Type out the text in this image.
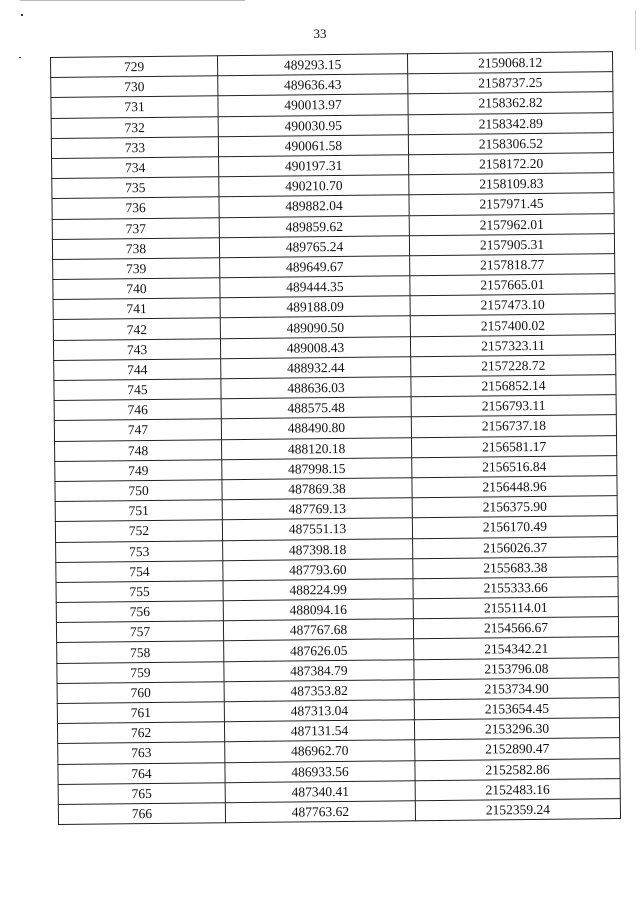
33
729	489293.15	2159068.12
730	489636.43	2158737.25
731	490013.97	2158362.82
732	490030.95	2158342.89
733	490061.58	2158306.52
734	490197.31	2158172.20
735	490210.70	2158109.83
736	489882.04	2157971.45
737	489859.62	2157962.01
738	489765.24	2157905.31
739	489649.67	2157818.77
740	489444.35	2157665.01
741	489188.09	2157473.10
742	489090.50	2157400.02
743	489008.43	2157323.11
744	488932.44	2157228.72
745	488636.03	2156852.14
746	488575.48	2156793.11
747	488490.80	2156737.18
748	488120.18	2156581.17
749	487998.15	2156516.84
750	487869.38	2156448.96
751	487769.13	2156375.90
752	487551.13	2156170.49
753	487398.18	2156026.37
754	487793.60	2155683.38
755	488224.99	2155333.66
756	488094.16	2155114.01
757	487767.68	2154566.67
758	487626.05	2154342.21
759	487384.79	2153796.08
760	487353.82	2153734.90
761	487313.04	2153654.45
762	487131.54	2153296.30
763	486962.70	2152890.47
764	486933.56	2152582.86
765	487340.41	2152483.16
766	487763.62	2152359.24
